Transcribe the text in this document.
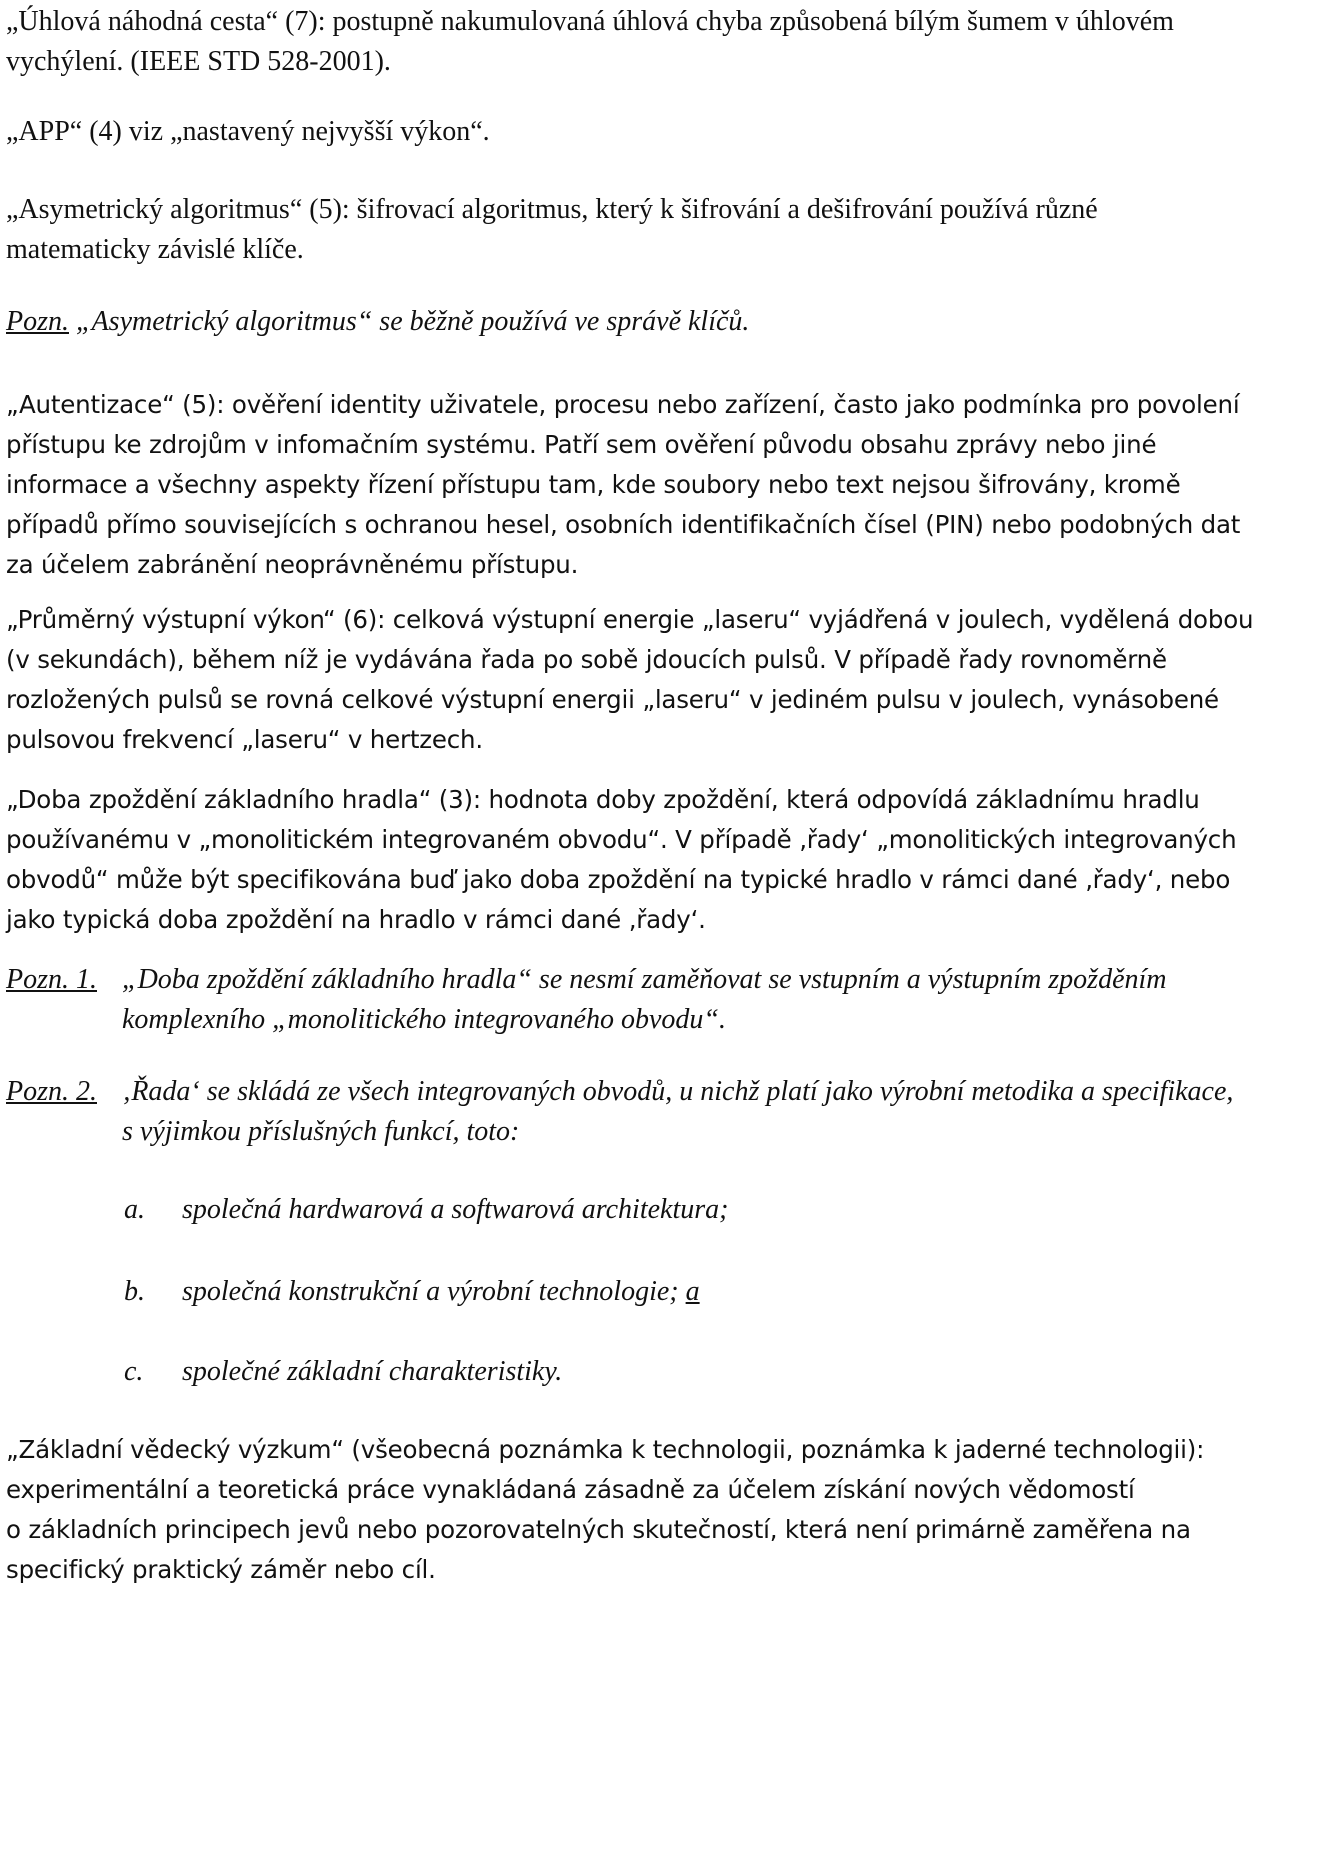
„Úhlová náhodná cesta“ (7): postupně nakumulovaná úhlová chyba způsobená bílým šumem v úhlovém
vychýlení. (IEEE STD 528-2001).
„APP“ (4) viz „nastavený nejvyšší výkon“.
„Asymetrický algoritmus“ (5): šifrovací algoritmus, který k šifrování a dešifrování používá různé
matematicky závislé klíče.
Pozn. „Asymetrický algoritmus“ se běžně používá ve správě klíčů.
„Autentizace“ (5): ověření identity uživatele, procesu nebo zařízení, často jako podmínka pro povolení
přístupu ke zdrojům v infomačním systému. Patří sem ověření původu obsahu zprávy nebo jiné
informace a všechny aspekty řízení přístupu tam, kde soubory nebo text nejsou šifrovány, kromě
případů přímo souvisejících s ochranou hesel, osobních identifikačních čísel (PIN) nebo podobných dat
za účelem zabránění neoprávněnému přístupu.
„Průměrný výstupní výkon“ (6): celková výstupní energie „laseru“ vyjádřená v joulech, vydělená dobou
(v sekundách), během níž je vydávána řada po sobě jdoucích pulsů. V případě řady rovnoměrně
rozložených pulsů se rovná celkové výstupní energii „laseru“ v jediném pulsu v joulech, vynásobené
pulsovou frekvencí „laseru“ v hertzech.
„Doba zpoždění základního hradla“ (3): hodnota doby zpoždění, která odpovídá základnímu hradlu
používanému v „monolitickém integrovaném obvodu“. V případě ‚řady‘ „monolitických integrovaných
obvodů“ může být specifikována buď jako doba zpoždění na typické hradlo v rámci dané ‚řady‘, nebo
jako typická doba zpoždění na hradlo v rámci dané ‚řady‘.
Pozn. 1. „Doba zpoždění základního hradla“ se nesmí zaměňovat se vstupním a výstupním zpožděním
komplexního „monolitického integrovaného obvodu“.
Pozn. 2. ‚Řada‘ se skládá ze všech integrovaných obvodů, u nichž platí jako výrobní metodika a specifikace,
s výjimkou příslušných funkcí, toto:
a. společná hardwarová a softwarová architektura;
b. společná konstrukční a výrobní technologie; a
c. společné základní charakteristiky.
„Základní vědecký výzkum“ (všeobecná poznámka k technologii, poznámka k jaderné technologii):
experimentální a teoretická práce vynakládaná zásadně za účelem získání nových vědomostí
o základních principech jevů nebo pozorovatelných skutečností, která není primárně zaměřena na
specifický praktický záměr nebo cíl.
